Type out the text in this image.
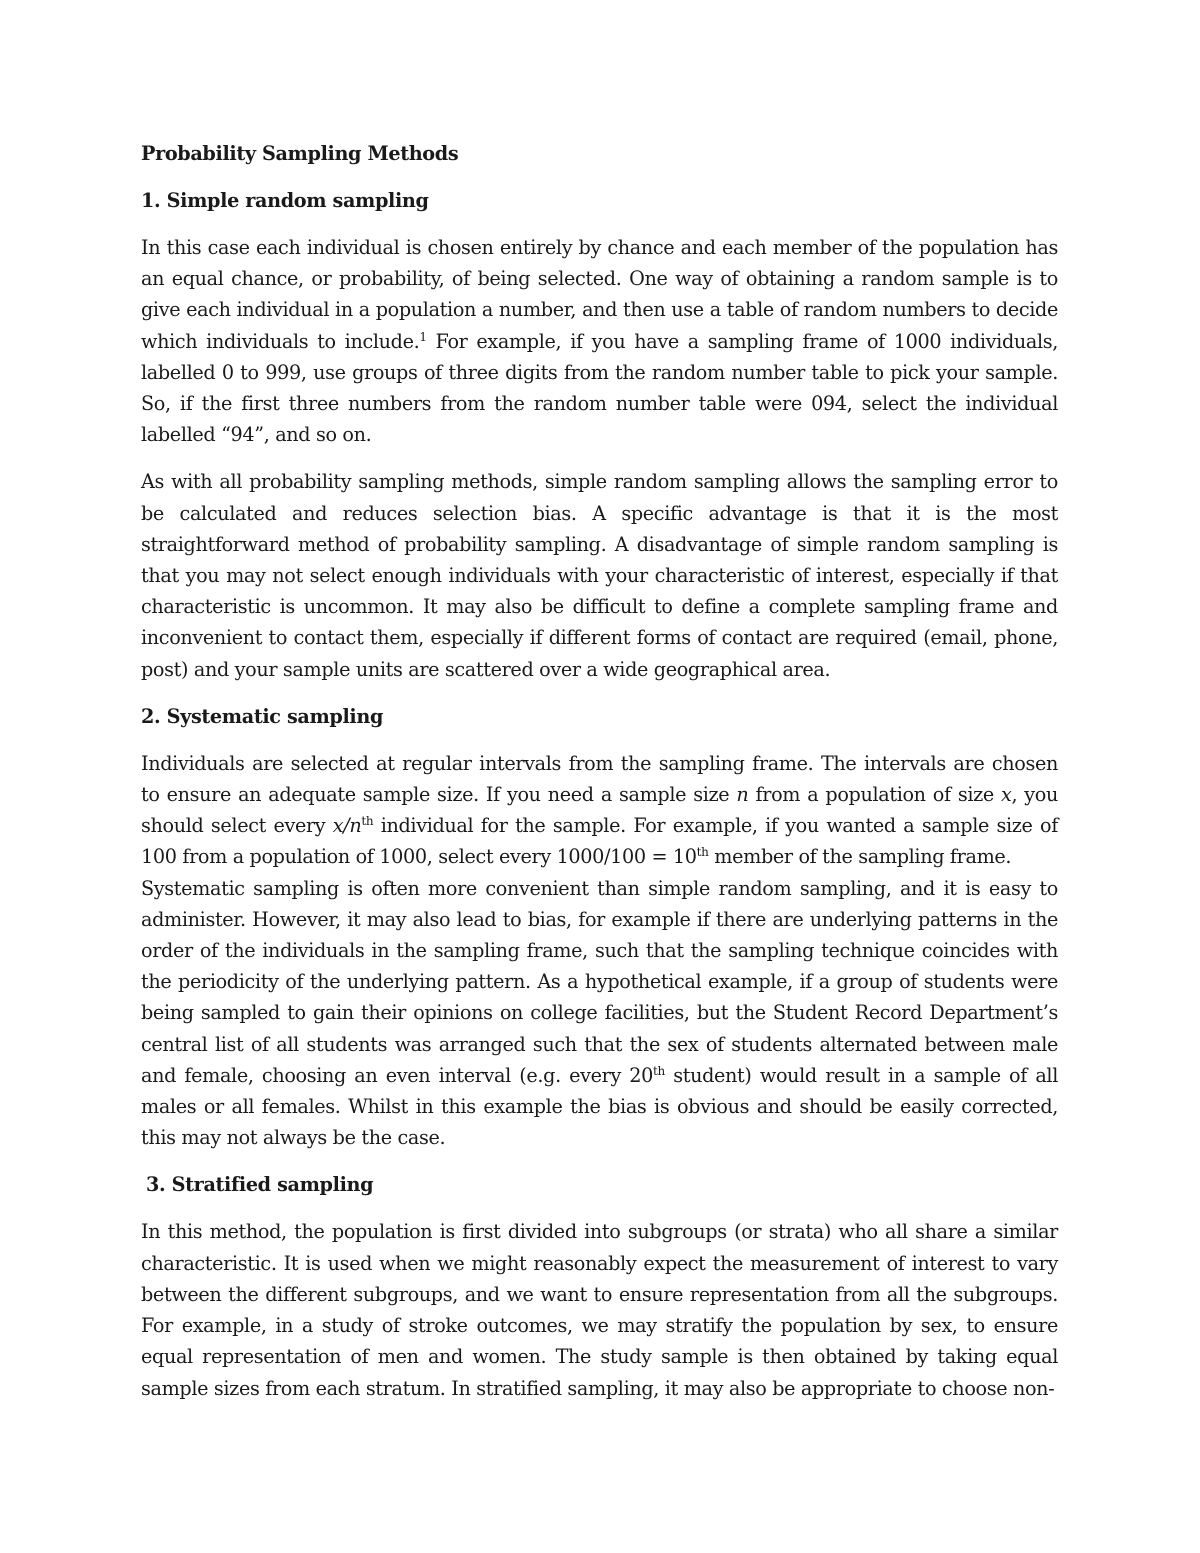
Probability Sampling Methods
1. Simple random sampling

In this case each individual is chosen entirely by chance and each member of the population has an equal chance, or probability, of being selected. One way of obtaining a random sample is to give each individual in a population a number, and then use a table of random numbers to decide which individuals to include.$^1$ For example, if you have a sampling frame of 1000 individuals, labelled 0 to 999, use groups of three digits from the random number table to pick your sample. So, if the first three numbers from the random number table were 094, select the individual labelled “94”, and so on.

As with all probability sampling methods, simple random sampling allows the sampling error to be calculated and reduces selection bias. A specific advantage is that it is the most straightforward method of probability sampling. A disadvantage of simple random sampling is that you may not select enough individuals with your characteristic of interest, especially if that characteristic is uncommon. It may also be difficult to define a complete sampling frame and inconvenient to contact them, especially if different forms of contact are required (email, phone, post) and your sample units are scattered over a wide geographical area.

2. Systematic sampling

Individuals are selected at regular intervals from the sampling frame. The intervals are chosen to ensure an adequate sample size. If you need a sample size n from a population of size x, you should select every $x/n^{th}$ individual for the sample. For example, if you wanted a sample size of 100 from a population of 1000, select every 1000/100 = 10th member of the sampling frame.

Systematic sampling is often more convenient than simple random sampling, and it is easy to administer. However, it may also lead to bias, for example if there are underlying patterns in the order of the individuals in the sampling frame, such that the sampling technique coincides with the periodicity of the underlying pattern. As a hypothetical example, if a group of students were being sampled to gain their opinions on college facilities, but the Student Record Department’s central list of all students was arranged such that the sex of students alternated between male and female, choosing an even interval (e.g. every 20th student) would result in a sample of all males or all females. Whilst in this example the bias is obvious and should be easily corrected, this may not always be the case.

3. Stratified sampling

In this method, the population is first divided into subgroups (or strata) who all share a similar characteristic. It is used when we might reasonably expect the measurement of interest to vary between the different subgroups, and we want to ensure representation from all the subgroups. For example, in a study of stroke outcomes, we may stratify the population by sex, to ensure equal representation of men and women. The study sample is then obtained by taking equal sample sizes from each stratum. In stratified sampling, it may also be appropriate to choose non-
